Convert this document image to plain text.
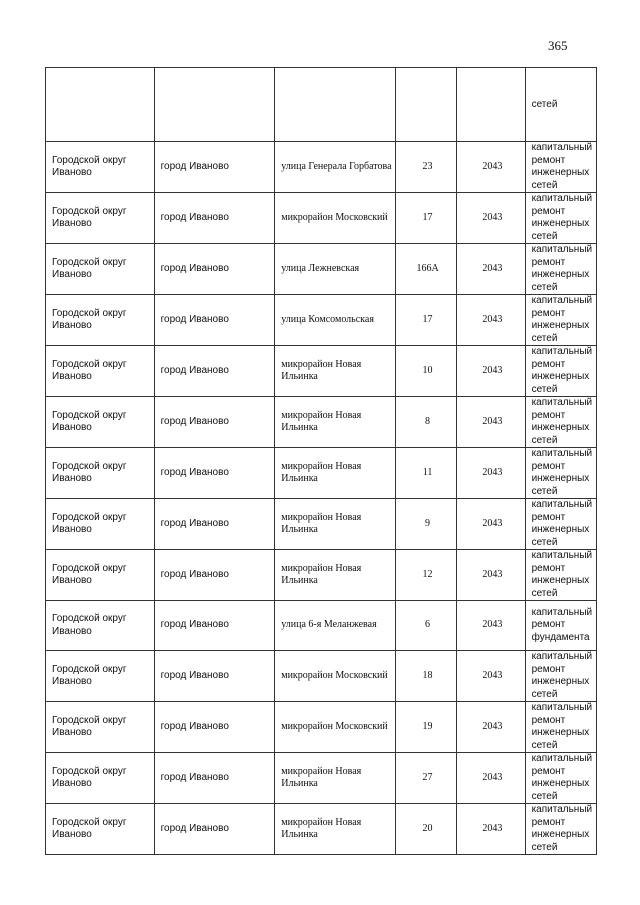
365
					сетей
Городской округ Иваново	город Иваново	улица Генерала Горбатова	23	2043	капитальный ремонт инженерных сетей
Городской округ Иваново	город Иваново	микрорайон Московский	17	2043	капитальный ремонт инженерных сетей
Городской округ Иваново	город Иваново	улица Лежневская	166А	2043	капитальный ремонт инженерных сетей
Городской округ Иваново	город Иваново	улица Комсомольская	17	2043	капитальный ремонт инженерных сетей
Городской округ Иваново	город Иваново	микрорайон Новая Ильинка	10	2043	капитальный ремонт инженерных сетей
Городской округ Иваново	город Иваново	микрорайон Новая Ильинка	8	2043	капитальный ремонт инженерных сетей
Городской округ Иваново	город Иваново	микрорайон Новая Ильинка	11	2043	капитальный ремонт инженерных сетей
Городской округ Иваново	город Иваново	микрорайон Новая Ильинка	9	2043	капитальный ремонт инженерных сетей
Городской округ Иваново	город Иваново	микрорайон Новая Ильинка	12	2043	капитальный ремонт инженерных сетей
Городской округ Иваново	город Иваново	улица 6-я Меланжевая	6	2043	капитальный ремонт фундамента
Городской округ Иваново	город Иваново	микрорайон Московский	18	2043	капитальный ремонт инженерных сетей
Городской округ Иваново	город Иваново	микрорайон Московский	19	2043	капитальный ремонт инженерных сетей
Городской округ Иваново	город Иваново	микрорайон Новая Ильинка	27	2043	капитальный ремонт инженерных сетей
Городской округ Иваново	город Иваново	микрорайон Новая Ильинка	20	2043	капитальный ремонт инженерных сетей
